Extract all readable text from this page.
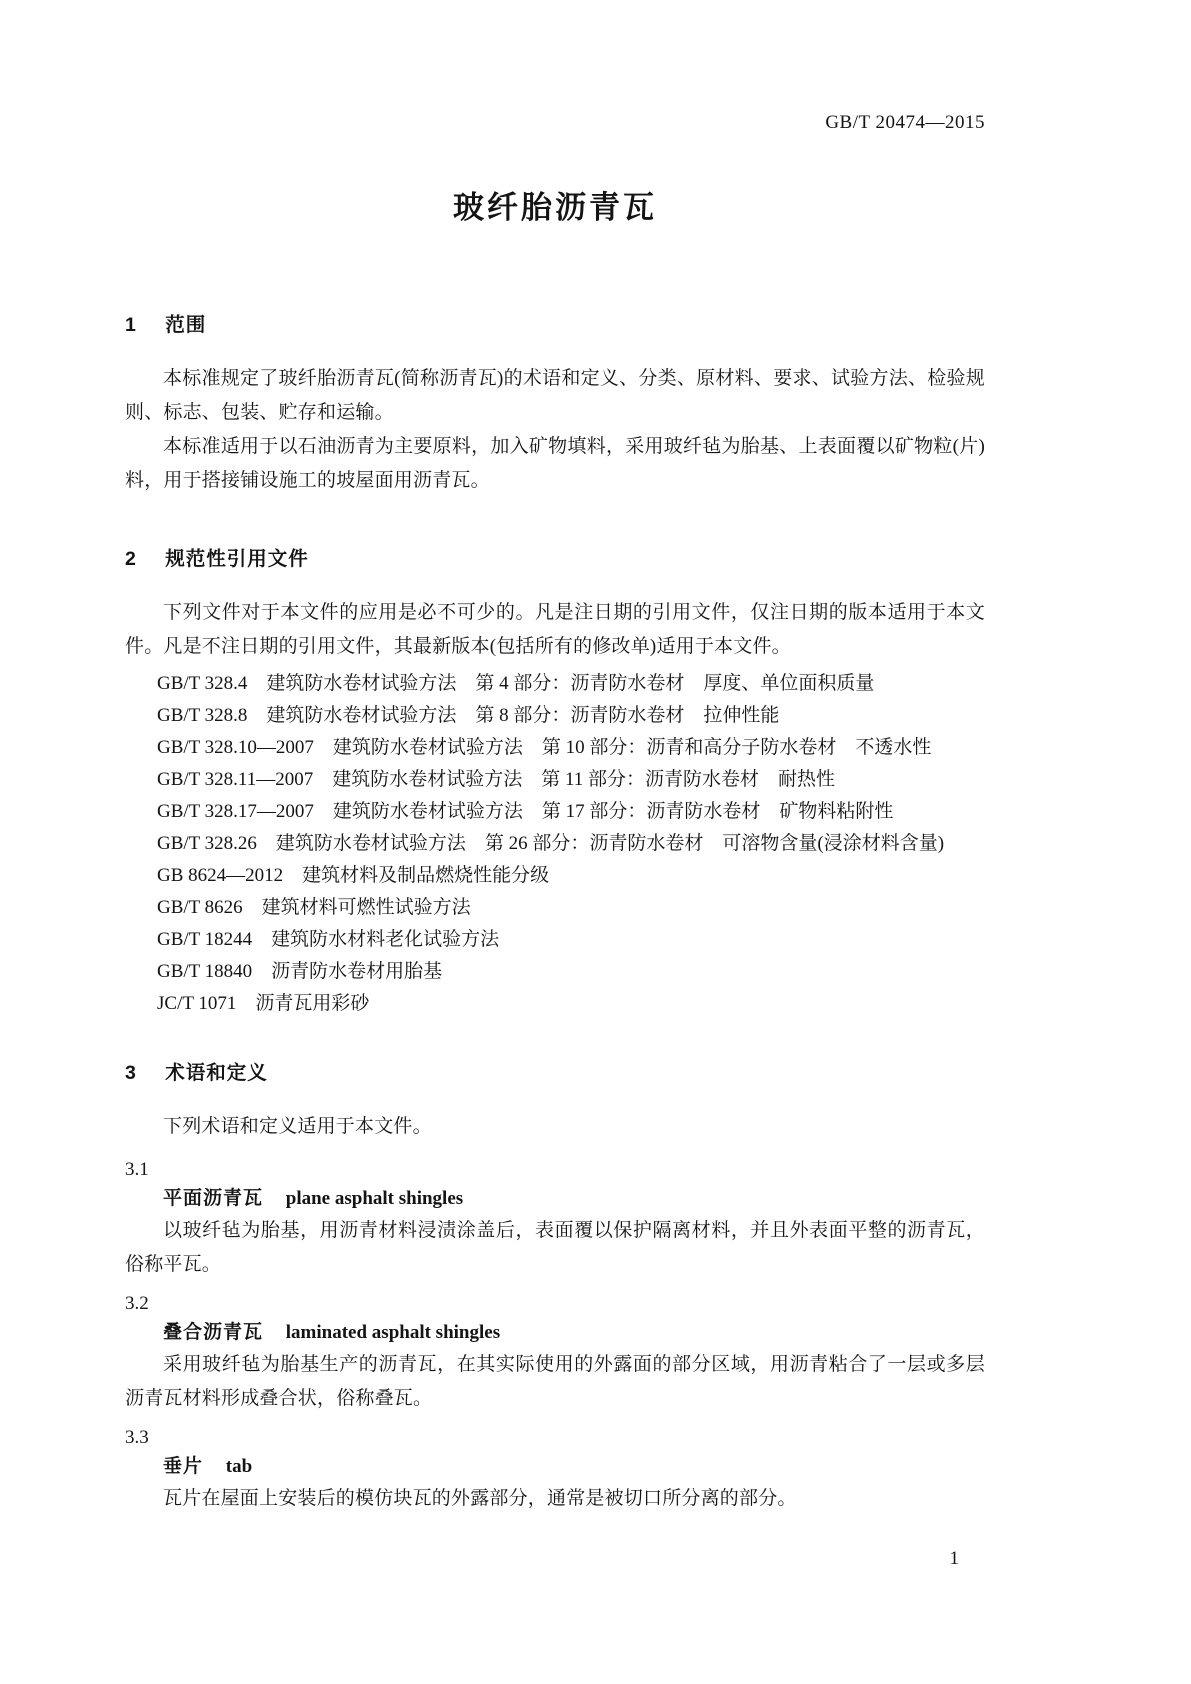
GB/T 20474—2015
玻纤胎沥青瓦
1 范围

本标准规定了玻纤胎沥青瓦(简称沥青瓦)的术语和定义、分类、原材料、要求、试验方法、检验规则、标志、包装、贮存和运输。

本标准适用于以石油沥青为主要原料，加入矿物填料，采用玻纤毡为胎基、上表面覆以矿物粒(片)料，用于搭接铺设施工的坡屋面用沥青瓦。

2 规范性引用文件

下列文件对于本文件的应用是必不可少的。凡是注日期的引用文件，仅注日期的版本适用于本文件。凡是不注日期的引用文件，其最新版本(包括所有的修改单)适用于本文件。

GB/T 328.4　建筑防水卷材试验方法　第 4 部分：沥青防水卷材　厚度、单位面积质量
GB/T 328.8　建筑防水卷材试验方法　第 8 部分：沥青防水卷材　拉伸性能
GB/T 328.10—2007　建筑防水卷材试验方法　第 10 部分：沥青和高分子防水卷材　不透水性
GB/T 328.11—2007　建筑防水卷材试验方法　第 11 部分：沥青防水卷材　耐热性
GB/T 328.17—2007　建筑防水卷材试验方法　第 17 部分：沥青防水卷材　矿物料粘附性
GB/T 328.26　建筑防水卷材试验方法　第 26 部分：沥青防水卷材　可溶物含量(浸涂材料含量)
GB 8624—2012　建筑材料及制品燃烧性能分级
GB/T 8626　建筑材料可燃性试验方法
GB/T 18244　建筑防水材料老化试验方法
GB/T 18840　沥青防水卷材用胎基
JC/T 1071　沥青瓦用彩砂
3 术语和定义

下列术语和定义适用于本文件。

3.1
平面沥青瓦 plane asphalt shingles

以玻纤毡为胎基，用沥青材料浸渍涂盖后，表面覆以保护隔离材料，并且外表面平整的沥青瓦，俗称平瓦。

3.2
叠合沥青瓦 laminated asphalt shingles

采用玻纤毡为胎基生产的沥青瓦，在其实际使用的外露面的部分区域，用沥青粘合了一层或多层沥青瓦材料形成叠合状，俗称叠瓦。

3.3
垂片 tab

瓦片在屋面上安装后的模仿块瓦的外露部分，通常是被切口所分离的部分。

1
